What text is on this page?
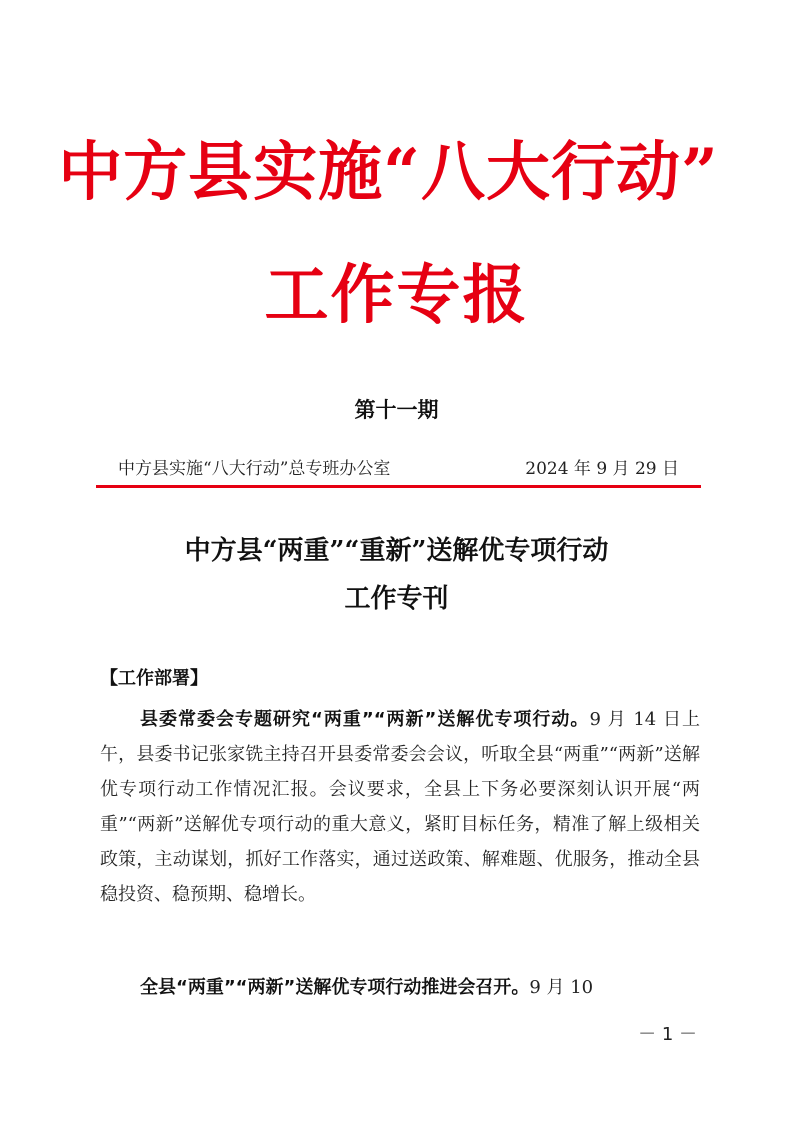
中方县实施“八大行动”
工作专报
第十一期
中方县实施“八大行动”总专班办公室	2024 年 9 月 29 日
中方县“两重”“重新”送解优专项行动
工作专刊
【工作部署】

县委常委会专题研究“两重”“两新”送解优专项行动。9 月 14 日上午，县委书记张家铣主持召开县委常委会会议，听取全县“两重”“两新”送解优专项行动工作情况汇报。会议要求，全县上下务必要深刻认识开展“两重”“两新”送解优专项行动的重大意义，紧盯目标任务，精准了解上级相关政策，主动谋划，抓好工作落实，通过送政策、解难题、优服务，推动全县稳投资、稳预期、稳增长。

全县“两重”“两新”送解优专项行动推进会召开。9 月 10

－ 1 －
